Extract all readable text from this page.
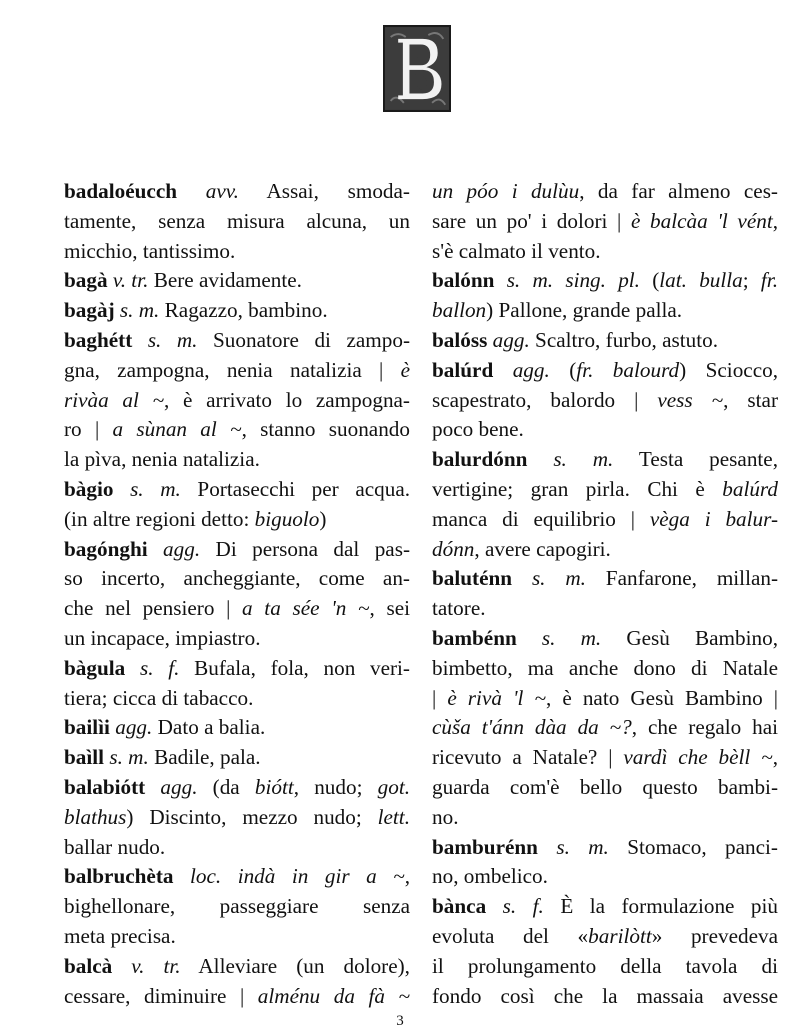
badaloéucch avv. Assai, smoda-
tamente, senza misura alcuna, un
micchio, tantissimo.
bagà v. tr. Bere avidamente.
bagàj s. m. Ragazzo, bambino.
baghétt s. m. Suonatore di zampo-
gna, zampogna, nenia natalizia | è
rivàa al ~, è arrivato lo zampogna-
ro | a sùnan al ~, stanno suonando
la pìva, nenia natalizia.
bàgio s. m. Portasecchi per acqua.
(in altre regioni detto: biguolo)
bagónghi agg. Di persona dal pas-
so incerto, ancheggiante, come an-
che nel pensiero | a ta sée 'n ~, sei
un incapace, impiastro.
bàgula s. f. Bufala, fola, non veri-
tiera; cicca di tabacco.
bailìi agg. Dato a balia.
baìll s. m. Badile, pala.
balabiótt agg. (da biótt, nudo; got.
blathus) Discinto, mezzo nudo; lett.
ballar nudo.
balbruchèta loc. indà in gir a ~,
bighellonare, passeggiare senza
meta precisa.
balcà v. tr. Alleviare (un dolore),
cessare, diminuire | alménu da fà ~
un póo i dulùu, da far almeno ces-
sare un po' i dolori | è balcàa 'l vént,
s'è calmato il vento.
balónn s. m. sing. pl. (lat. bulla; fr.
ballon) Pallone, grande palla.
balóss agg. Scaltro, furbo, astuto.
balúrd agg. (fr. balourd) Sciocco,
scapestrato, balordo | vess ~, star
poco bene.
balurdónn s. m. Testa pesante,
vertigine; gran pirla. Chi è balúrd
manca di equilibrio | vèga i balur-
dónn, avere capogiri.
baluténn s. m. Fanfarone, millan-
tatore.
bambénn s. m. Gesù Bambino,
bimbetto, ma anche dono di Natale
| è rivà 'l ~, è nato Gesù Bambino |
cùša t'ánn dàa da ~?, che regalo hai
ricevuto a Natale? | vardì che bèll ~,
guarda com'è bello questo bambi-
no.
bamburénn s. m. Stomaco, panci-
no, ombelico.
bànca s. f. È la formulazione più
evoluta del «barilòtt» prevedeva
il prolungamento della tavola di
fondo così che la massaia avesse
3
